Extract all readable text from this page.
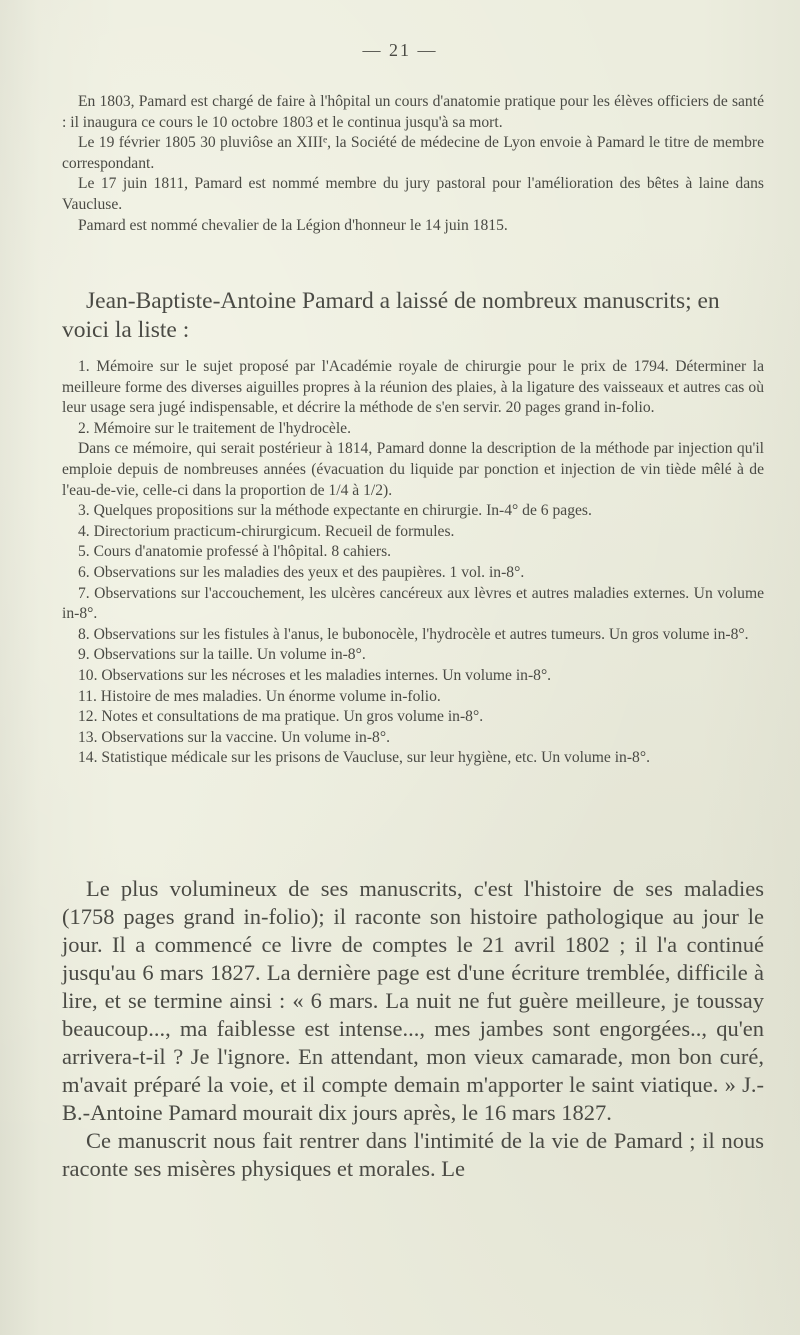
— 21 —

En 1803, Pamard est chargé de faire à l'hôpital un cours d'anatomie pratique pour les élèves officiers de santé : il inaugura ce cours le 10 octobre 1803 et le continua jusqu'à sa mort.

Le 19 février 1805 30 pluviôse an XIIIᵉ, la Société de médecine de Lyon envoie à Pamard le titre de membre correspondant.

Le 17 juin 1811, Pamard est nommé membre du jury pastoral pour l'amélioration des bêtes à laine dans Vaucluse.

Pamard est nommé chevalier de la Légion d'honneur le 14 juin 1815.

Jean-Baptiste-Antoine Pamard a laissé de nombreux manuscrits; en voici la liste :

1. Mémoire sur le sujet proposé par l'Académie royale de chirurgie pour le prix de 1794. Déterminer la meilleure forme des diverses aiguilles propres à la réunion des plaies, à la ligature des vaisseaux et autres cas où leur usage sera jugé indispensable, et décrire la méthode de s'en servir. 20 pages grand in-folio.

2. Mémoire sur le traitement de l'hydrocèle.

Dans ce mémoire, qui serait postérieur à 1814, Pamard donne la description de la méthode par injection qu'il emploie depuis de nombreuses années (évacuation du liquide par ponction et injection de vin tiède mêlé à de l'eau-de-vie, celle-ci dans la proportion de 1/4 à 1/2).

3. Quelques propositions sur la méthode expectante en chirurgie. In-4° de 6 pages.

4. Directorium practicum-chirurgicum. Recueil de formules.

5. Cours d'anatomie professé à l'hôpital. 8 cahiers.

6. Observations sur les maladies des yeux et des paupières. 1 vol. in-8°.

7. Observations sur l'accouchement, les ulcères cancéreux aux lèvres et autres maladies externes. Un volume in-8°.

8. Observations sur les fistules à l'anus, le bubonocèle, l'hydrocèle et autres tumeurs. Un gros volume in-8°.

9. Observations sur la taille. Un volume in-8°.

10. Observations sur les nécroses et les maladies internes. Un volume in-8°.

11. Histoire de mes maladies. Un énorme volume in-folio.

12. Notes et consultations de ma pratique. Un gros volume in-8°.

13. Observations sur la vaccine. Un volume in-8°.

14. Statistique médicale sur les prisons de Vaucluse, sur leur hygiène, etc. Un volume in-8°.

Le plus volumineux de ses manuscrits, c'est l'histoire de ses maladies (1758 pages grand in-folio); il raconte son histoire pathologique au jour le jour. Il a commencé ce livre de comptes le 21 avril 1802 ; il l'a continué jusqu'au 6 mars 1827. La dernière page est d'une écriture tremblée, difficile à lire, et se termine ainsi : « 6 mars. La nuit ne fut guère meilleure, je toussay beaucoup..., ma faiblesse est intense..., mes jambes sont engorgées.., qu'en arrivera-t-il ? Je l'ignore. En attendant, mon vieux camarade, mon bon curé, m'avait préparé la voie, et il compte demain m'apporter le saint viatique. » J.-B.-Antoine Pamard mourait dix jours après, le 16 mars 1827.

Ce manuscrit nous fait rentrer dans l'intimité de la vie de Pamard ; il nous raconte ses misères physiques et morales. Le
